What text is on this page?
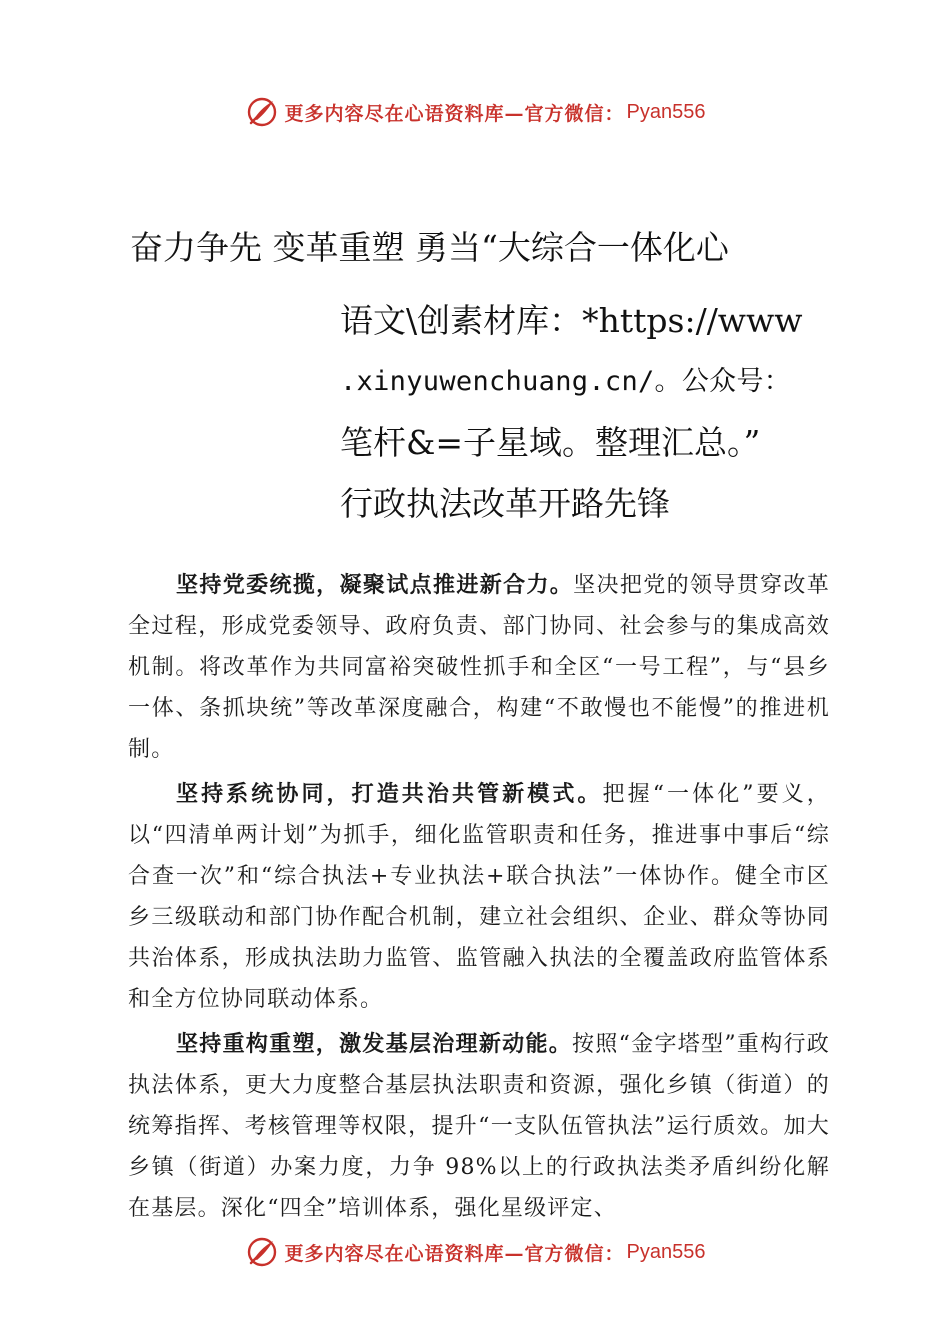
更多内容尽在心语资料库—官方微信： Pyan556
奋力争先 变革重塑 勇当“大综合一体化心
语文\创素材库：*https://www
.xinyuwenchuang.cn/。公众号：
笔杆&=子星域。整理汇总。”
行政执法改革开路先锋

坚持党委统揽，凝聚试点推进新合力。坚决把党的领导贯穿改革全过程，形成党委领导、政府负责、部门协同、社会参与的集成高效机制。将改革作为共同富裕突破性抓手和全区“一号工程”，与“县乡一体、条抓块统”等改革深度融合，构建“不敢慢也不能慢”的推进机制。

坚持系统协同，打造共治共管新模式。把握“一体化”要义，以“四清单两计划”为抓手，细化监管职责和任务，推进事中事后“综合查一次”和“综合执法+专业执法+联合执法”一体协作。健全市区乡三级联动和部门协作配合机制，建立社会组织、企业、群众等协同共治体系，形成执法助力监管、监管融入执法的全覆盖政府监管体系和全方位协同联动体系。

坚持重构重塑，激发基层治理新动能。按照“金字塔型”重构行政执法体系，更大力度整合基层执法职责和资源，强化乡镇（街道）的统筹指挥、考核管理等权限，提升“一支队伍管执法”运行质效。加大乡镇（街道）办案力度，力争 98%以上的行政执法类矛盾纠纷化解在基层。深化“四全”培训体系，强化星级评定、

更多内容尽在心语资料库—官方微信： Pyan556
